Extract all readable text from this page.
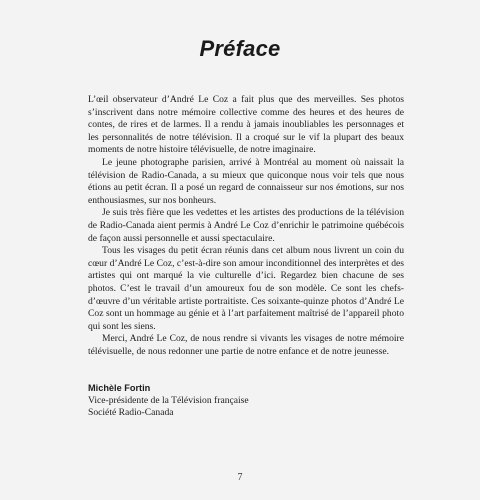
Préface

L’œil observateur d’André Le Coz a fait plus que des merveilles. Ses photos s’inscrivent dans notre mémoire collective comme des heures et des heures de contes, de rires et de larmes. Il a rendu à jamais inoubliables les personnages et les personnalités de notre télévision. Il a croqué sur le vif la plupart des beaux moments de notre histoire télévisuelle, de notre imaginaire.

Le jeune photographe parisien, arrivé à Montréal au moment où naissait la télévision de Radio-Canada, a su mieux que quiconque nous voir tels que nous étions au petit écran. Il a posé un regard de connaisseur sur nos émotions, sur nos enthousiasmes, sur nos bonheurs.

Je suis très fière que les vedettes et les artistes des productions de la télévision de Radio-Canada aient permis à André Le Coz d’enrichir le patrimoine québécois de façon aussi personnelle et aussi spectaculaire.

Tous les visages du petit écran réunis dans cet album nous livrent un coin du cœur d’André Le Coz, c’est-à-dire son amour inconditionnel des interprètes et des artistes qui ont marqué la vie culturelle d’ici. Regardez bien chacune de ses photos. C’est le travail d’un amoureux fou de son modèle. Ce sont les chefs-d’œuvre d’un véritable artiste portraitiste. Ces soixante-quinze photos d’André Le Coz sont un hommage au génie et à l’art parfaitement maîtrisé de l’appareil photo qui sont les siens.

Merci, André Le Coz, de nous rendre si vivants les visages de notre mémoire télévisuelle, de nous redonner une partie de notre enfance et de notre jeunesse.

Michèle Fortin
Vice-présidente de la Télévision française
Société Radio-Canada
7
